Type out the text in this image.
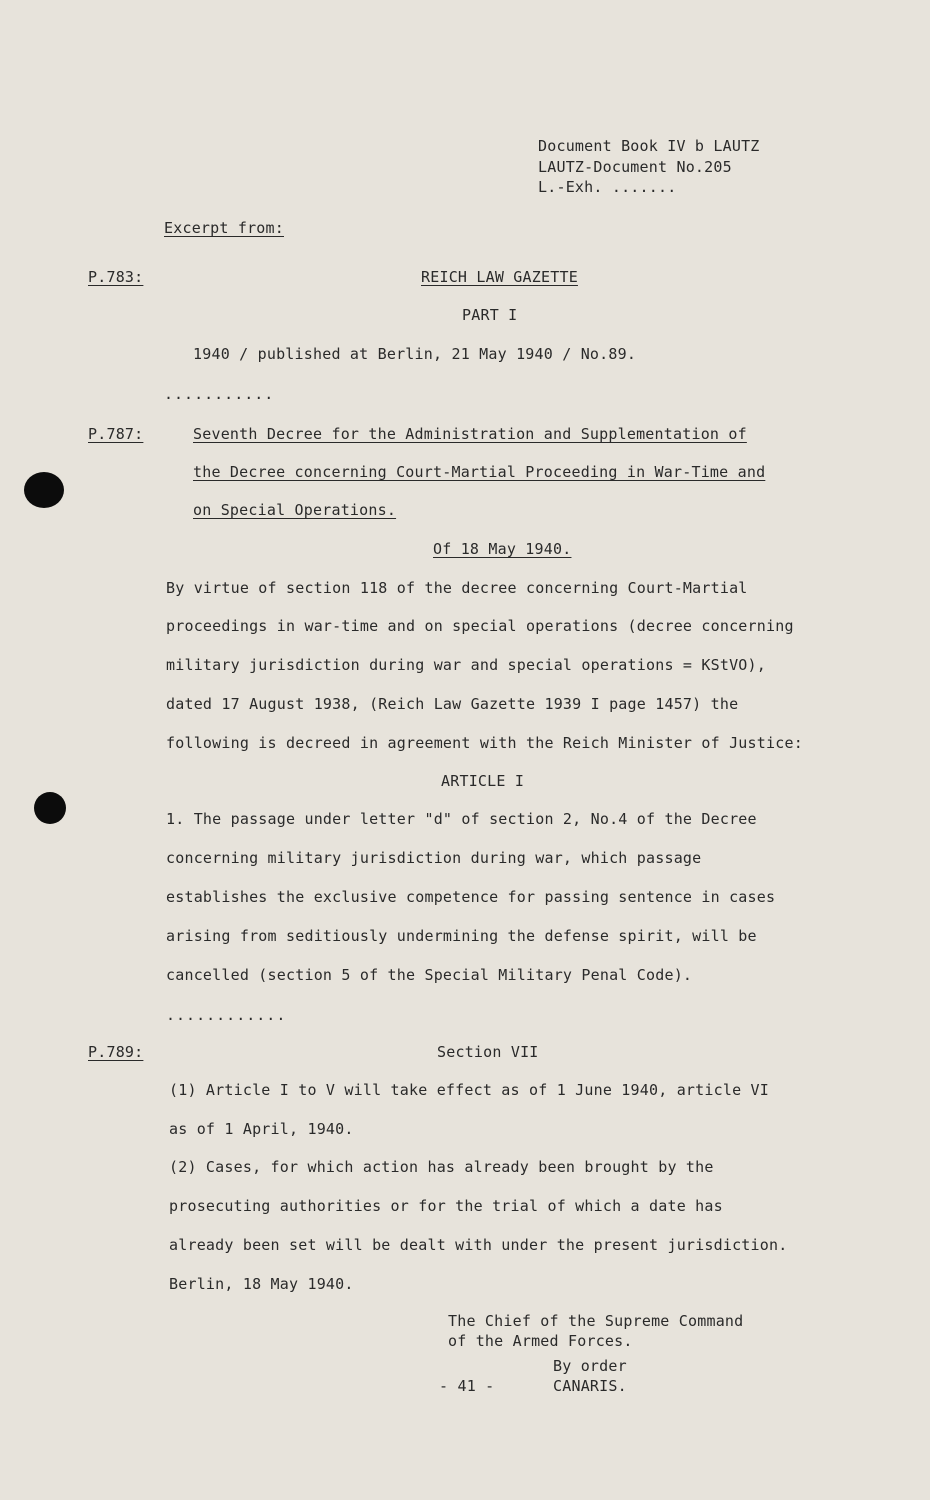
Document Book IV b LAUTZ
LAUTZ-Document No.205
L.-Exh. .......
Excerpt from:
P.783:	REICH LAW GAZETTE
PART I
1940 / published at Berlin, 21 May 1940 / No.89.
...........
P.787:	Seventh Decree for the Administration and Supplementation of
the Decree concerning Court-Martial Proceeding in War-Time and
on Special Operations.
Of 18 May 1940.
By virtue of section 118 of the decree concerning Court-Martial
proceedings in war-time and on special operations (decree concerning
military jurisdiction during war and special operations = KStVO),
dated 17 August 1938, (Reich Law Gazette 1939 I page 1457) the
following is decreed in agreement with the Reich Minister of Justice:
ARTICLE I
1. The passage under letter "d" of section 2, No.4 of the Decree
concerning military jurisdiction during war, which passage
establishes the exclusive competence for passing sentence in cases
arising from seditiously undermining the defense spirit, will be
cancelled (section 5 of the Special Military Penal Code).
............
P.789:	Section VII
(1) Article I to V will take effect as of 1 June 1940, article VI
as of 1 April, 1940.
(2) Cases, for which action has already been brought by the
prosecuting authorities or for the trial of which a date has
already been set will be dealt with under the present jurisdiction.
Berlin, 18 May 1940.
The Chief of the Supreme Command
of the Armed Forces.
By order
- 41 -	CANARIS.
